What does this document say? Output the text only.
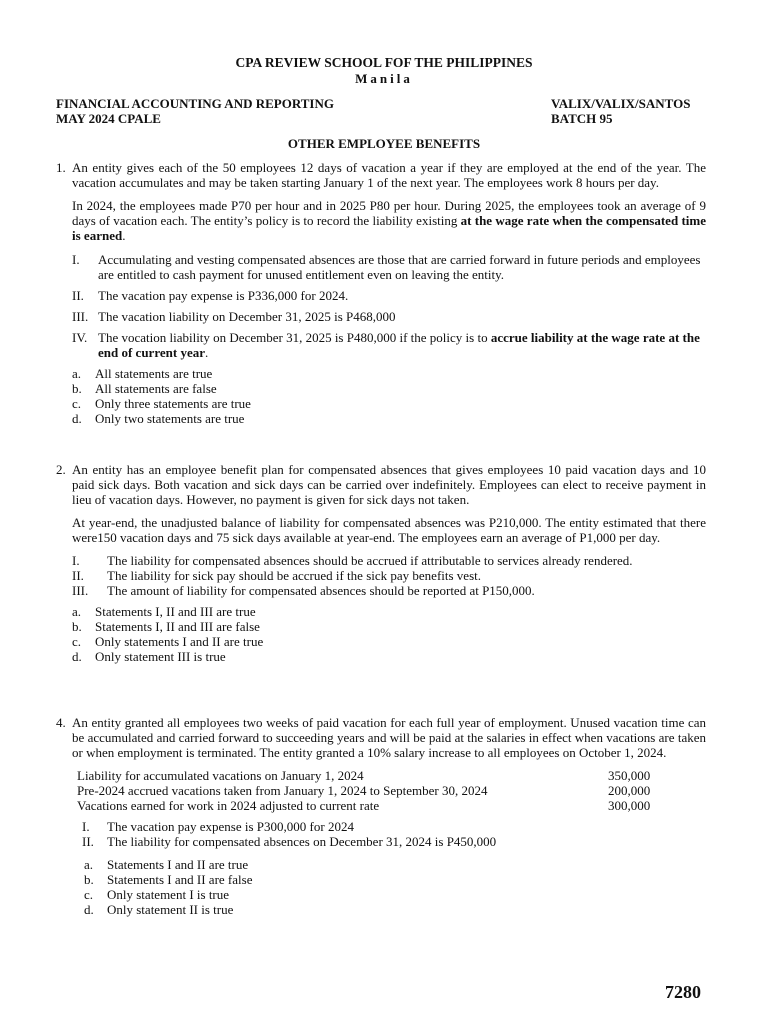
CPA REVIEW SCHOOL FOF THE PHILIPPINES
Manila
FINANCIAL ACCOUNTING AND REPORTING
MAY 2024 CPALE
VALIX/VALIX/SANTOS
BATCH 95
OTHER EMPLOYEE BENEFITS
1. An entity gives each of the 50 employees 12 days of vacation a year if they are employed at the end of the year. The vacation accumulates and may be taken starting January 1 of the next year. The employees work 8 hours per day.
In 2024, the employees made P70 per hour and in 2025 P80 per hour. During 2025, the employees took an average of 9 days of vacation each. The entity’s policy is to record the liability existing at the wage rate when the compensated time is earned.
I. Accumulating and vesting compensated absences are those that are carried forward in future periods and employees are entitled to cash payment for unused entitlement even on leaving the entity.
II. The vacation pay expense is P336,000 for 2024.
III. The vacation liability on December 31, 2025 is P468,000
IV. The vocation liability on December 31, 2025 is P480,000 if the policy is to accrue liability at the wage rate at the end of current year.
a. All statements are true
b. All statements are false
c. Only three statements are true
d. Only two statements are true
2. An entity has an employee benefit plan for compensated absences that gives employees 10 paid vacation days and 10 paid sick days. Both vacation and sick days can be carried over indefinitely. Employees can elect to receive payment in lieu of vacation days. However, no payment is given for sick days not taken.
At year-end, the unadjusted balance of liability for compensated absences was P210,000. The entity estimated that there were150 vacation days and 75 sick days available at year-end. The employees earn an average of P1,000 per day.
I. The liability for compensated absences should be accrued if attributable to services already rendered.
II. The liability for sick pay should be accrued if the sick pay benefits vest.
III. The amount of liability for compensated absences should be reported at P150,000.
a. Statements I, II and III are true
b. Statements I, II and III are false
c. Only statements I and II are true
d. Only statement III is true
4. An entity granted all employees two weeks of paid vacation for each full year of employment. Unused vacation time can be accumulated and carried forward to succeeding years and will be paid at the salaries in effect when vacations are taken or when employment is terminated. The entity granted a 10% salary increase to all employees on October 1, 2024.
Liability for accumulated vacations on January 1, 2024	350,000
Pre-2024 accrued vacations taken from January 1, 2024 to September 30, 2024	200,000
Vacations earned for work in 2024 adjusted to current rate	300,000
I. The vacation pay expense is P300,000 for 2024
II. The liability for compensated absences on December 31, 2024 is P450,000
a. Statements I and II are true
b. Statements I and II are false
c. Only statement I is true
d. Only statement II is true
7280
